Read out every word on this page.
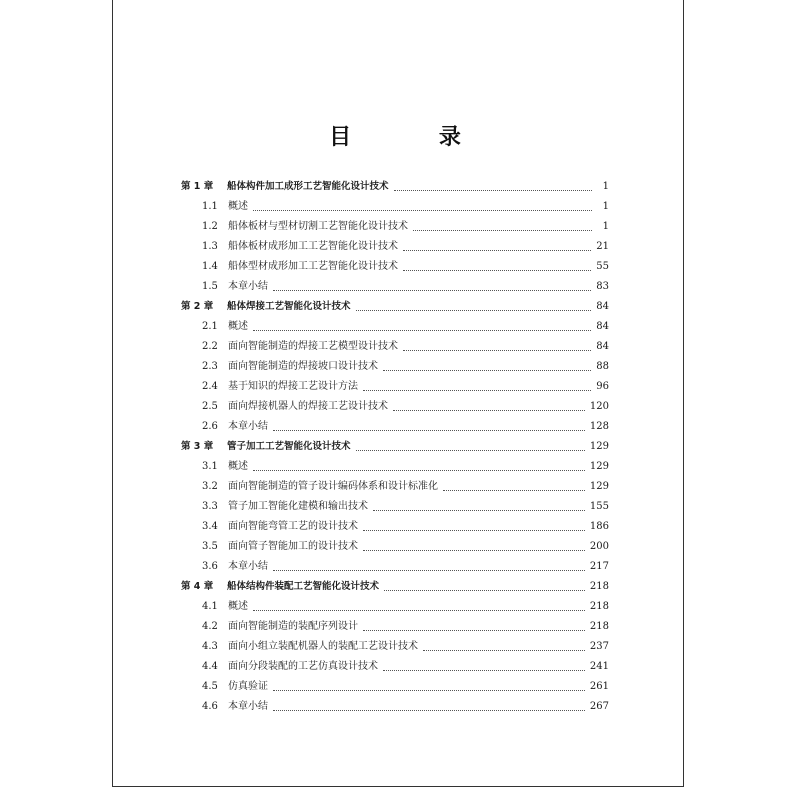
目 录
第 1 章	船体构件加工成形工艺智能化设计技术	1
1.1	概述	1
1.2	船体板材与型材切割工艺智能化设计技术	1
1.3	船体板材成形加工工艺智能化设计技术	21
1.4	船体型材成形加工工艺智能化设计技术	55
1.5	本章小结	83
第 2 章	船体焊接工艺智能化设计技术	84
2.1	概述	84
2.2	面向智能制造的焊接工艺模型设计技术	84
2.3	面向智能制造的焊接坡口设计技术	88
2.4	基于知识的焊接工艺设计方法	96
2.5	面向焊接机器人的焊接工艺设计技术	120
2.6	本章小结	128
第 3 章	管子加工工艺智能化设计技术	129
3.1	概述	129
3.2	面向智能制造的管子设计编码体系和设计标准化	129
3.3	管子加工智能化建模和输出技术	155
3.4	面向智能弯管工艺的设计技术	186
3.5	面向管子智能加工的设计技术	200
3.6	本章小结	217
第 4 章	船体结构件装配工艺智能化设计技术	218
4.1	概述	218
4.2	面向智能制造的装配序列设计	218
4.3	面向小组立装配机器人的装配工艺设计技术	237
4.4	面向分段装配的工艺仿真设计技术	241
4.5	仿真验证	261
4.6	本章小结	267
